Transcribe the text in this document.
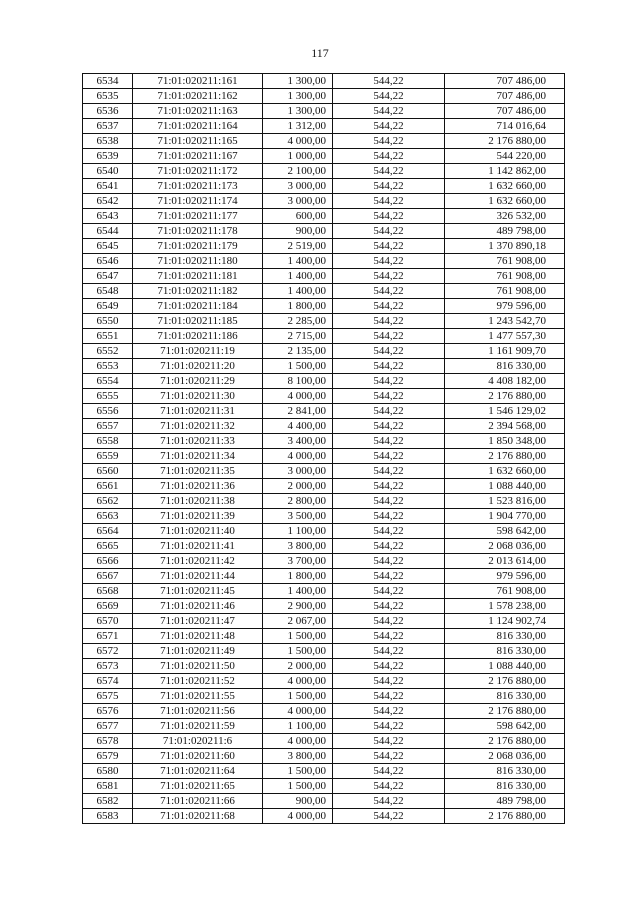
117
6534	71:01:020211:161	1 300,00	544,22	707 486,00
6535	71:01:020211:162	1 300,00	544,22	707 486,00
6536	71:01:020211:163	1 300,00	544,22	707 486,00
6537	71:01:020211:164	1 312,00	544,22	714 016,64
6538	71:01:020211:165	4 000,00	544,22	2 176 880,00
6539	71:01:020211:167	1 000,00	544,22	544 220,00
6540	71:01:020211:172	2 100,00	544,22	1 142 862,00
6541	71:01:020211:173	3 000,00	544,22	1 632 660,00
6542	71:01:020211:174	3 000,00	544,22	1 632 660,00
6543	71:01:020211:177	600,00	544,22	326 532,00
6544	71:01:020211:178	900,00	544,22	489 798,00
6545	71:01:020211:179	2 519,00	544,22	1 370 890,18
6546	71:01:020211:180	1 400,00	544,22	761 908,00
6547	71:01:020211:181	1 400,00	544,22	761 908,00
6548	71:01:020211:182	1 400,00	544,22	761 908,00
6549	71:01:020211:184	1 800,00	544,22	979 596,00
6550	71:01:020211:185	2 285,00	544,22	1 243 542,70
6551	71:01:020211:186	2 715,00	544,22	1 477 557,30
6552	71:01:020211:19	2 135,00	544,22	1 161 909,70
6553	71:01:020211:20	1 500,00	544,22	816 330,00
6554	71:01:020211:29	8 100,00	544,22	4 408 182,00
6555	71:01:020211:30	4 000,00	544,22	2 176 880,00
6556	71:01:020211:31	2 841,00	544,22	1 546 129,02
6557	71:01:020211:32	4 400,00	544,22	2 394 568,00
6558	71:01:020211:33	3 400,00	544,22	1 850 348,00
6559	71:01:020211:34	4 000,00	544,22	2 176 880,00
6560	71:01:020211:35	3 000,00	544,22	1 632 660,00
6561	71:01:020211:36	2 000,00	544,22	1 088 440,00
6562	71:01:020211:38	2 800,00	544,22	1 523 816,00
6563	71:01:020211:39	3 500,00	544,22	1 904 770,00
6564	71:01:020211:40	1 100,00	544,22	598 642,00
6565	71:01:020211:41	3 800,00	544,22	2 068 036,00
6566	71:01:020211:42	3 700,00	544,22	2 013 614,00
6567	71:01:020211:44	1 800,00	544,22	979 596,00
6568	71:01:020211:45	1 400,00	544,22	761 908,00
6569	71:01:020211:46	2 900,00	544,22	1 578 238,00
6570	71:01:020211:47	2 067,00	544,22	1 124 902,74
6571	71:01:020211:48	1 500,00	544,22	816 330,00
6572	71:01:020211:49	1 500,00	544,22	816 330,00
6573	71:01:020211:50	2 000,00	544,22	1 088 440,00
6574	71:01:020211:52	4 000,00	544,22	2 176 880,00
6575	71:01:020211:55	1 500,00	544,22	816 330,00
6576	71:01:020211:56	4 000,00	544,22	2 176 880,00
6577	71:01:020211:59	1 100,00	544,22	598 642,00
6578	71:01:020211:6	4 000,00	544,22	2 176 880,00
6579	71:01:020211:60	3 800,00	544,22	2 068 036,00
6580	71:01:020211:64	1 500,00	544,22	816 330,00
6581	71:01:020211:65	1 500,00	544,22	816 330,00
6582	71:01:020211:66	900,00	544,22	489 798,00
6583	71:01:020211:68	4 000,00	544,22	2 176 880,00
